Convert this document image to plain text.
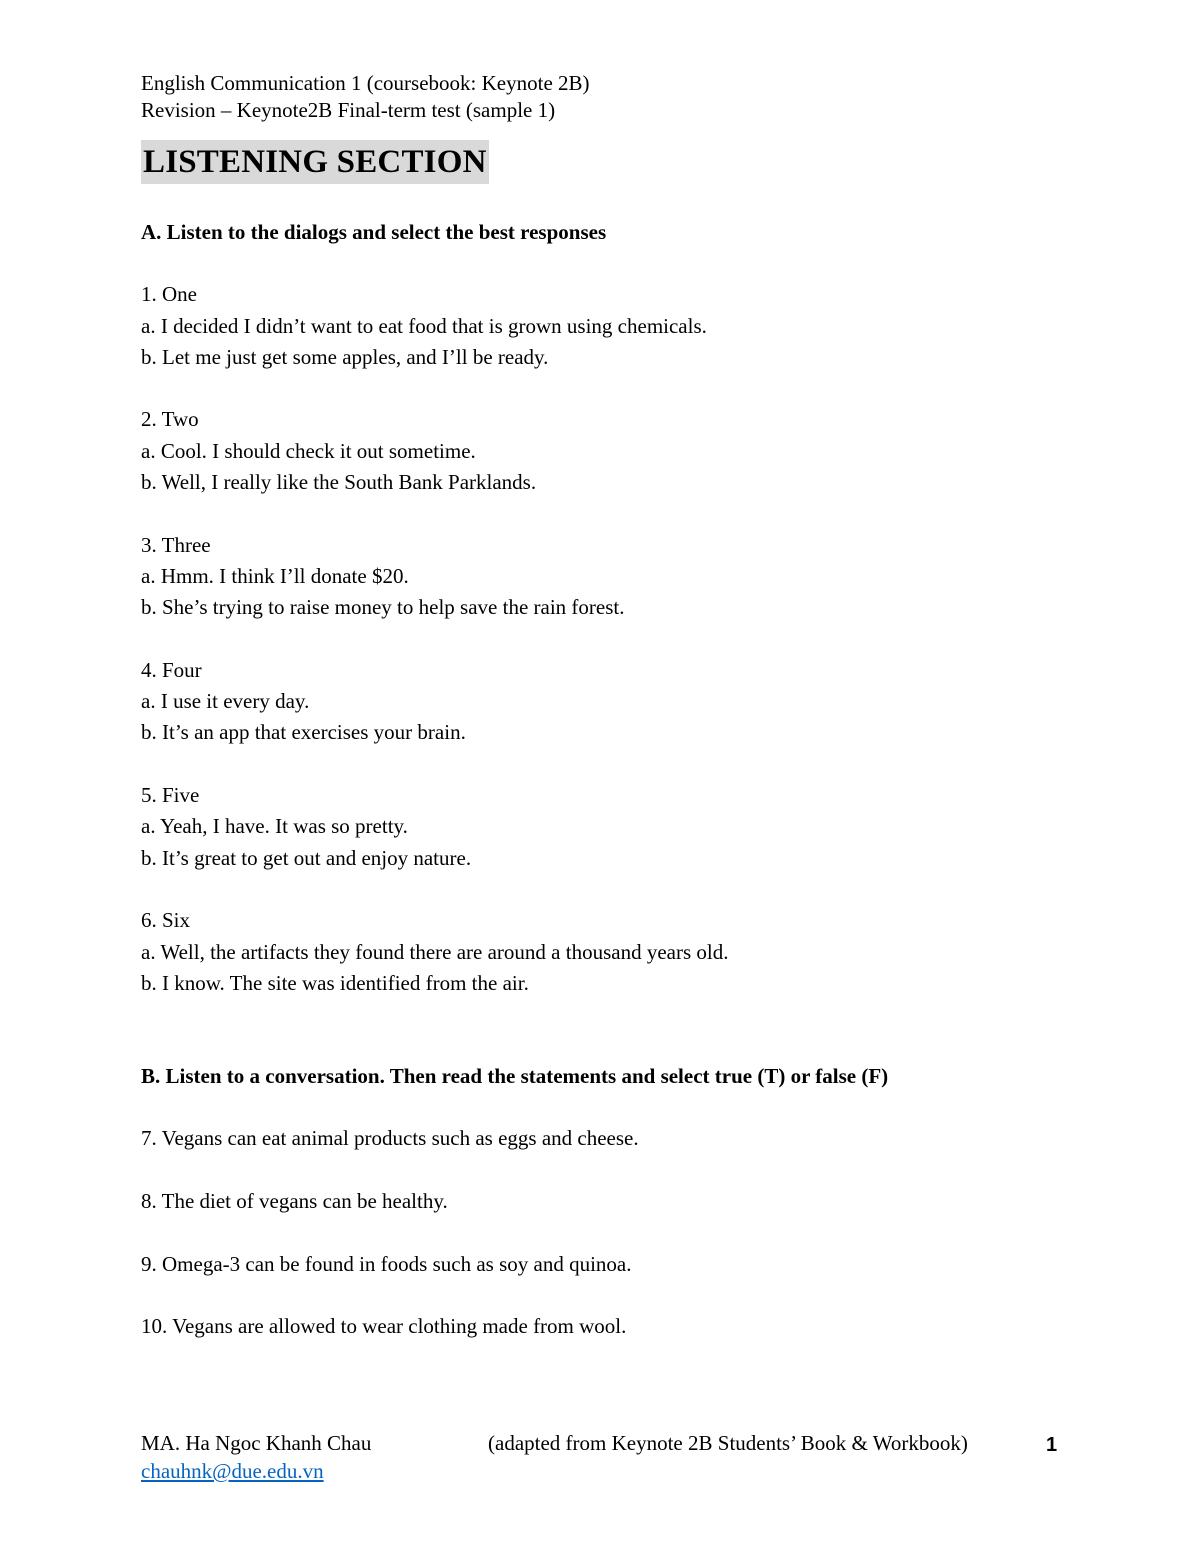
English Communication 1 (coursebook: Keynote 2B)

Revision – Keynote2B Final-term test (sample 1)

LISTENING SECTION

A. Listen to the dialogs and select the best responses

1. One

a. I decided I didn’t want to eat food that is grown using chemicals.

b. Let me just get some apples, and I’ll be ready.

2. Two

a. Cool. I should check it out sometime.

b. Well, I really like the South Bank Parklands.

3. Three

a. Hmm. I think I’ll donate $20.

b. She’s trying to raise money to help save the rain forest.

4. Four

a. I use it every day.

b. It’s an app that exercises your brain.

5. Five

a. Yeah, I have. It was so pretty.

b. It’s great to get out and enjoy nature.

6. Six

a. Well, the artifacts they found there are around a thousand years old.

b. I know. The site was identified from the air.

B. Listen to a conversation. Then read the statements and select true (T) or false (F)

7. Vegans can eat animal products such as eggs and cheese.

8. The diet of vegans can be healthy.

9. Omega-3 can be found in foods such as soy and quinoa.

10. Vegans are allowed to wear clothing made from wool.

MA. Ha Ngoc Khanh Chau
chauhnk@due.edu.vn
(adapted from Keynote 2B Students’ Book & Workbook)	1
